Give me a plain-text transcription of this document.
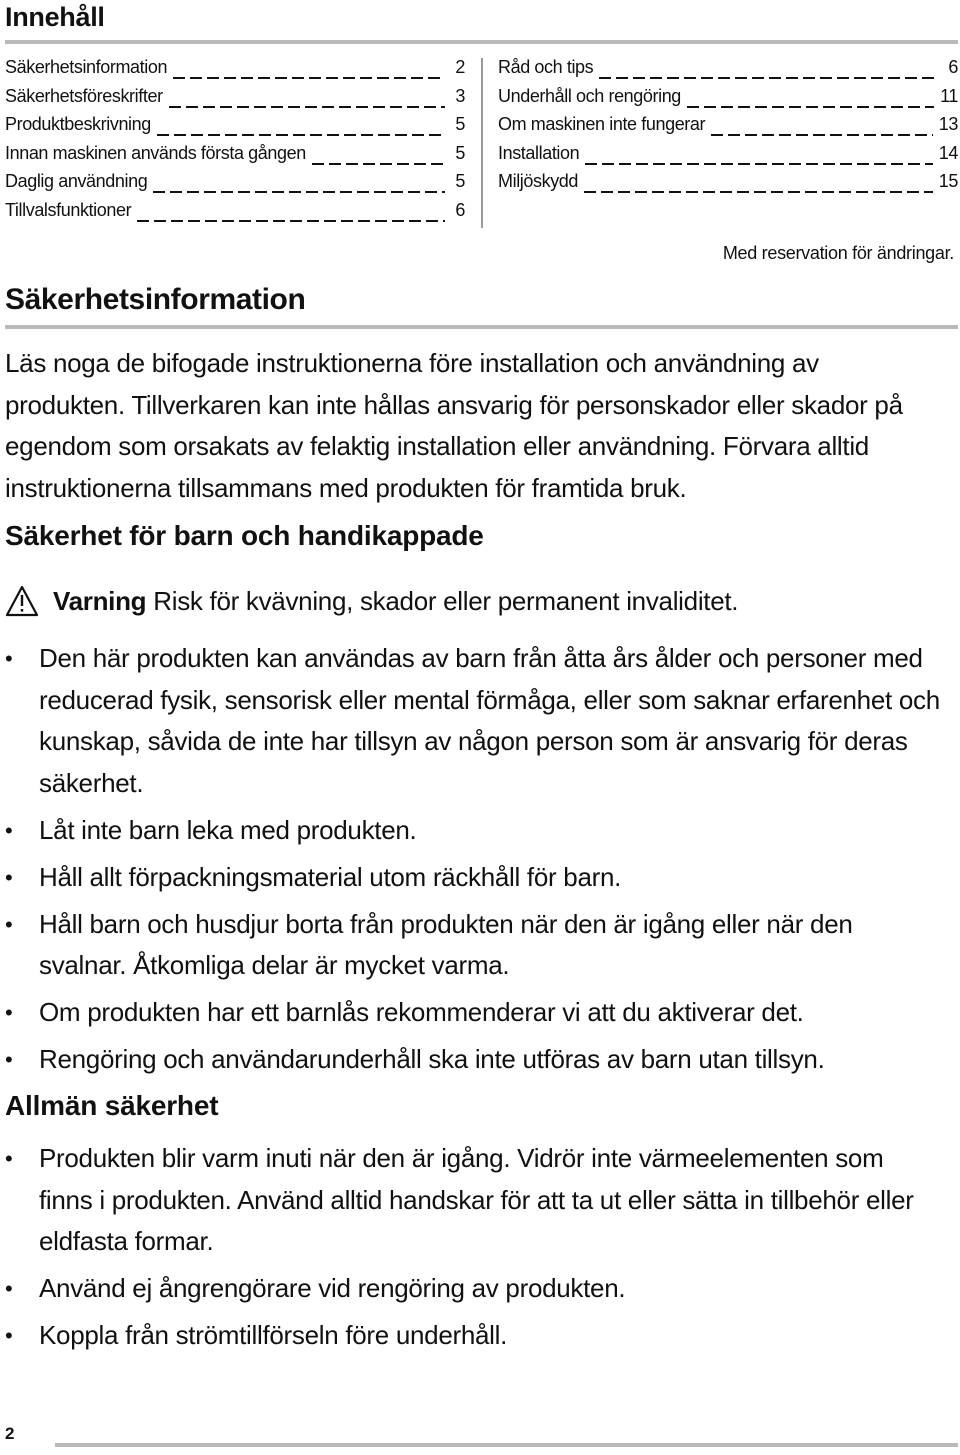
Innehåll
Säkerhetsinformation	2
Säkerhetsföreskrifter	3
Produktbeskrivning	5
Innan maskinen används första gången	5
Daglig användning	5
Tillvalsfunktioner	6
Råd och tips	6
Underhåll och rengöring	11
Om maskinen inte fungerar	13
Installation	14
Miljöskydd	15
Med reservation för ändringar.
Säkerhetsinformation
Läs noga de bifogade instruktionerna före installation och användning av produkten. Tillverkaren kan inte hållas ansvarig för personskador eller skador på egendom som orsakats av felaktig installation eller användning. Förvara alltid instruktionerna tillsammans med produkten för framtida bruk.
Säkerhet för barn och handikappade
Varning Risk för kvävning, skador eller permanent invaliditet.
•	Den här produkten kan användas av barn från åtta års ålder och personer med reducerad fysik, sensorisk eller mental förmåga, eller som saknar erfarenhet och kunskap, såvida de inte har tillsyn av någon person som är ansvarig för deras säkerhet.
•	Låt inte barn leka med produkten.
•	Håll allt förpackningsmaterial utom räckhåll för barn.
•	Håll barn och husdjur borta från produkten när den är igång eller när den svalnar. Åtkomliga delar är mycket varma.
•	Om produkten har ett barnlås rekommenderar vi att du aktiverar det.
•	Rengöring och användarunderhåll ska inte utföras av barn utan tillsyn.
Allmän säkerhet
•	Produkten blir varm inuti när den är igång. Vidrör inte värmeelementen som finns i produkten. Använd alltid handskar för att ta ut eller sätta in tillbehör eller eldfasta formar.
•	Använd ej ångrengörare vid rengöring av produkten.
•	Koppla från strömtillförseln före underhåll.
2
